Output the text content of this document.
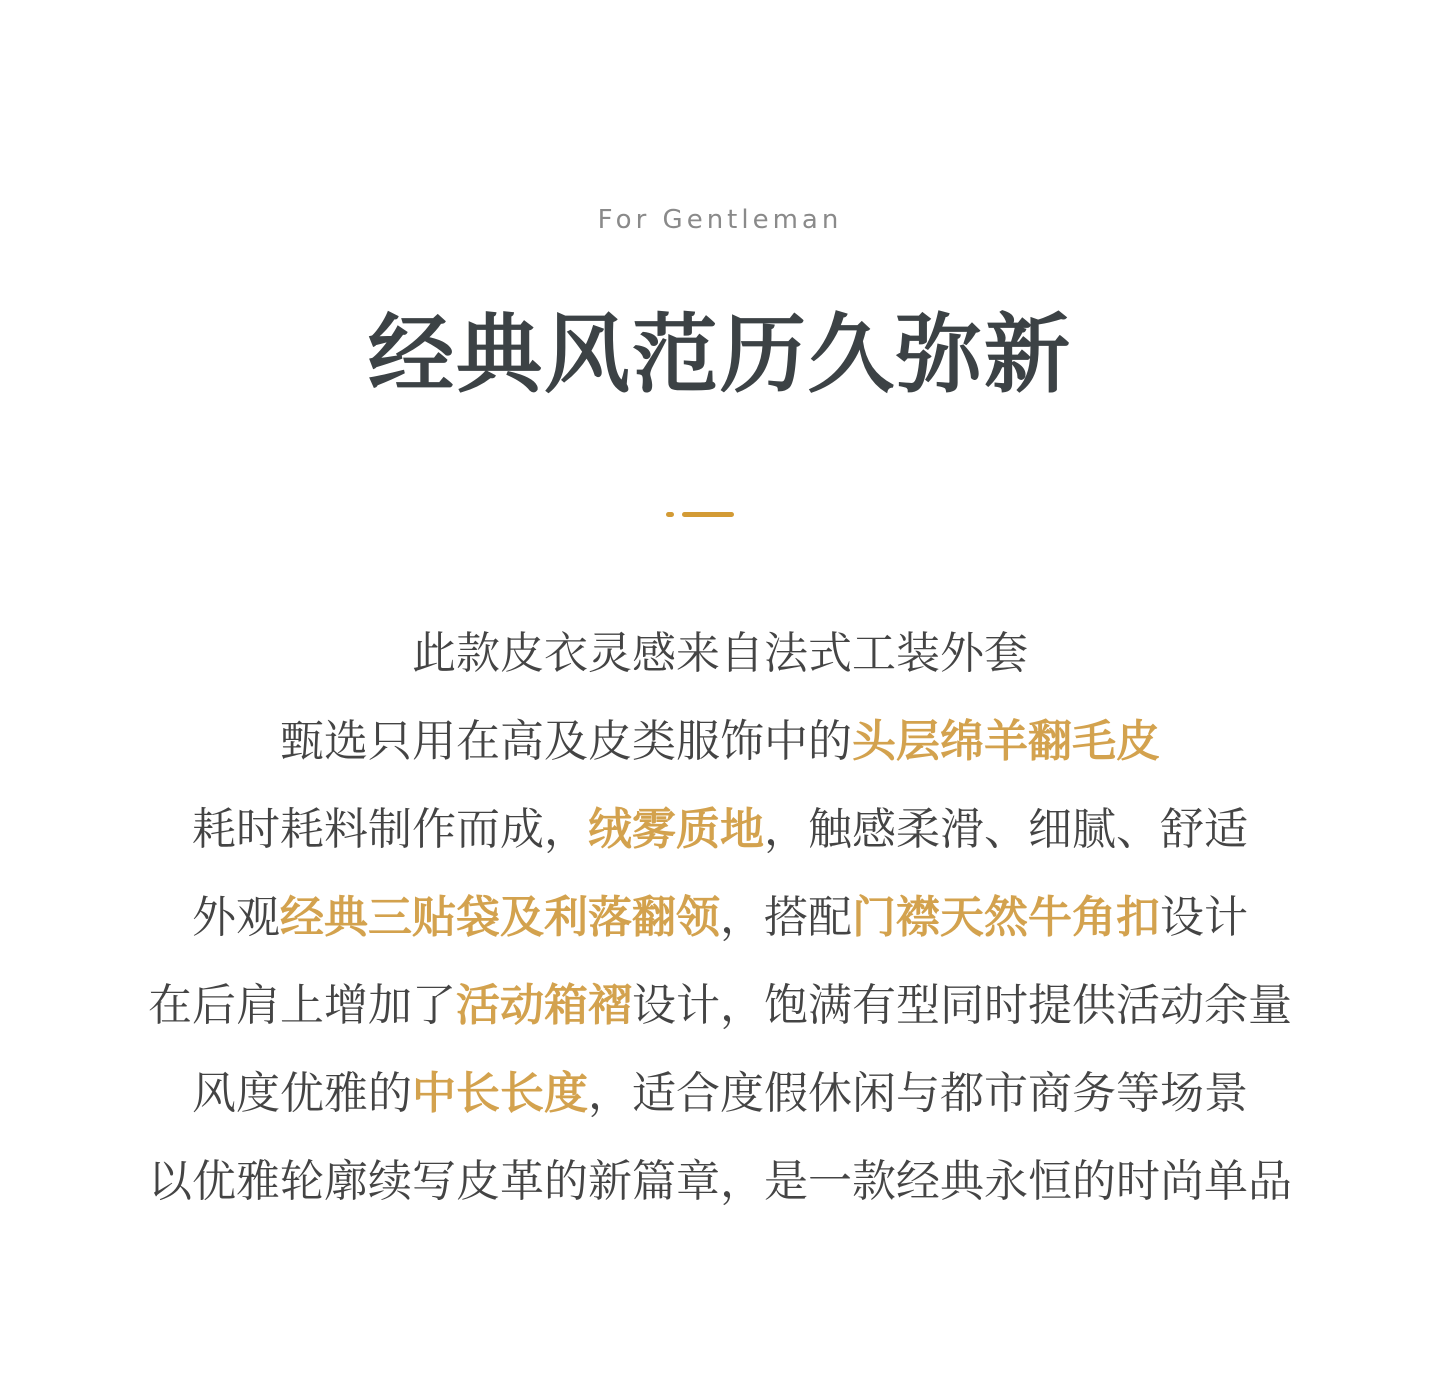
For Gentleman
经典风范历久弥新
此款皮衣灵感来自法式工装外套
甄选只用在高及皮类服饰中的头层绵羊翻毛皮
耗时耗料制作而成，绒雾质地，触感柔滑、细腻、舒适
外观经典三贴袋及利落翻领，搭配门襟天然牛角扣设计
在后肩上增加了活动箱褶设计，饱满有型同时提供活动余量
风度优雅的中长长度，适合度假休闲与都市商务等场景
以优雅轮廓续写皮革的新篇章，是一款经典永恒的时尚单品
